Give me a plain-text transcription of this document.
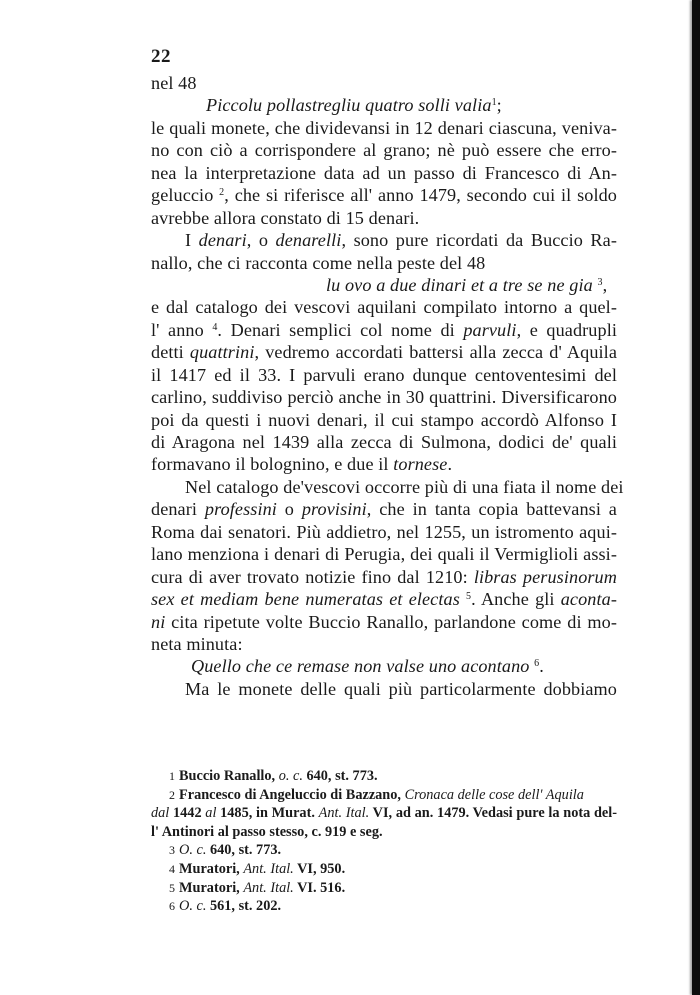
22
nel 48
Piccolu pollastregliu quatro solli valia$^1$;
le quali monete, che dividevansi in 12 denari ciascuna, veniva-
no con ciò a corrispondere al grano; nè può essere che erro-
nea la interpretazione data ad un passo di Francesco di An-
geluccio $^2$, che si riferisce all' anno 1479, secondo cui il soldo
avrebbe allora constato di 15 denari.
I denari, o denarelli, sono pure ricordati da Buccio Ra-
nallo, che ci racconta come nella peste del 48
lu ovo a due dinari et a tre se ne gia $^3$,
e dal catalogo dei vescovi aquilani compilato intorno a quel-
l' anno $^4$. Denari semplici col nome di parvuli, e quadrupli
detti quattrini, vedremo accordati battersi alla zecca d' Aquila
il 1417 ed il 33. I parvuli erano dunque centoventesimi del
carlino, suddiviso perciò anche in 30 quattrini. Diversificarono
poi da questi i nuovi denari, il cui stampo accordò Alfonso I
di Aragona nel 1439 alla zecca di Sulmona, dodici de' quali
formavano il bolognino, e due il tornese.
Nel catalogo de'vescovi occorre più di una fiata il nome dei
denari professini o provisini, che in tanta copia battevansi a
Roma dai senatori. Più addietro, nel 1255, un istromento aqui-
lano menziona i denari di Perugia, dei quali il Vermiglioli assi-
cura di aver trovato notizie fino dal 1210: libras perusinorum
sex et mediam bene numeratas et electas $^5$. Anche gli aconta-
ni cita ripetute volte Buccio Ranallo, parlandone come di mo-
neta minuta:
Quello che ce remase non valse uno acontano $^6$.
Ma le monete delle quali più particolarmente dobbiamo
1 Buccio Ranallo, o. c. 640, st. 773.
2 Francesco di Angeluccio di Bazzano, Cronaca delle cose dell' Aquila
dal 1442 al 1485, in Murat. Ant. Ital. VI, ad an. 1479. Vedasi pure la nota del-
l' Antinori al passo stesso, c. 919 e seg.
3 O. c. 640, st. 773.
4 Muratori, Ant. Ital. VI, 950.
5 Muratori, Ant. Ital. VI. 516.
6 O. c. 561, st. 202.
